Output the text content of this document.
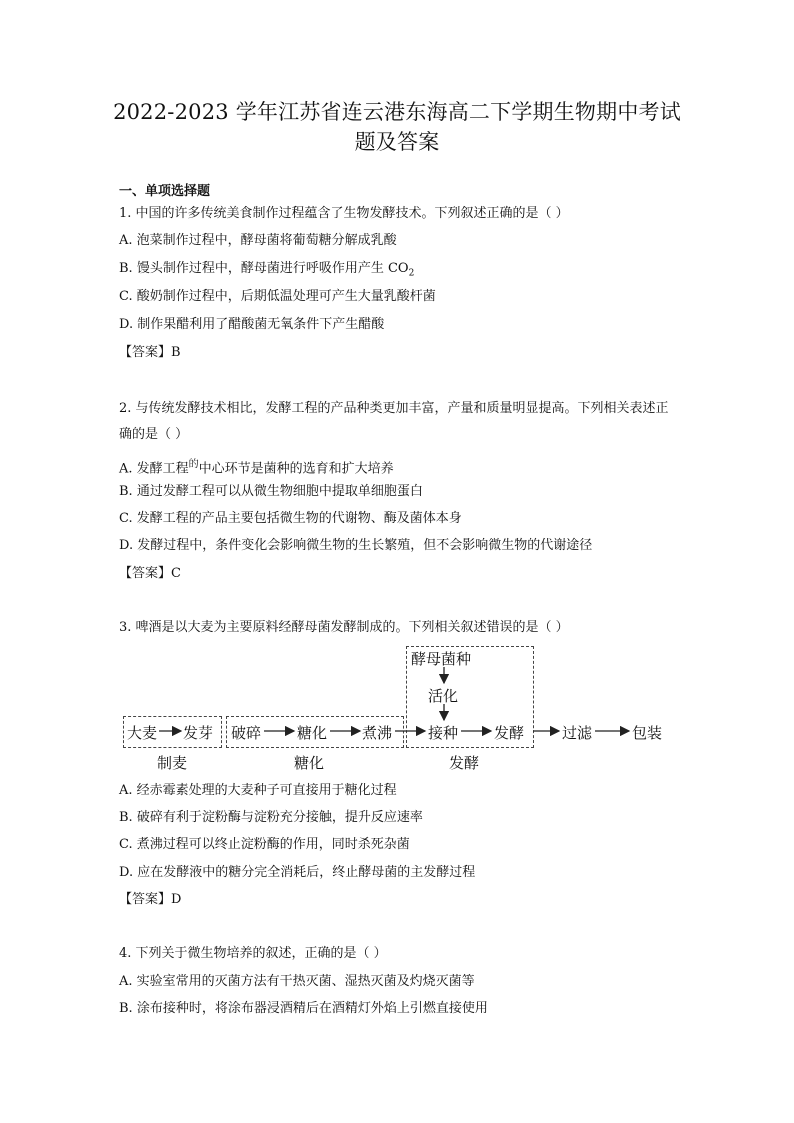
2022-2023 学年江苏省连云港东海高二下学期生物期中考试
题及答案
一、单项选择题
1. 中国的许多传统美食制作过程蕴含了生物发酵技术。下列叙述正确的是（ ）
A. 泡菜制作过程中，酵母菌将葡萄糖分解成乳酸
B. 馒头制作过程中，酵母菌进行呼吸作用产生 $CO_2$
C. 酸奶制作过程中，后期低温处理可产生大量乳酸杆菌
D. 制作果醋利用了醋酸菌无氧条件下产生醋酸
【答案】B
2. 与传统发酵技术相比，发酵工程的产品种类更加丰富，产量和质量明显提高。下列相关表述正确的是（ ）
A. 发酵工程$^的$中心环节是菌种的选育和扩大培养
B. 通过发酵工程可以从微生物细胞中提取单细胞蛋白
C. 发酵工程的产品主要包括微生物的代谢物、酶及菌体本身
D. 发酵过程中，条件变化会影响微生物的生长繁殖，但不会影响微生物的代谢途径
【答案】C
3. 啤酒是以大麦为主要原料经酵母菌发酵制成的。下列相关叙述错误的是（ ）
大麦 发芽 破碎 糖化 煮沸 接种 发酵	过滤	包装
酵母菌种
活化
制麦	糖化	发酵
A. 经赤霉素处理的大麦种子可直接用于糖化过程
B. 破碎有利于淀粉酶与淀粉充分接触，提升反应速率
C. 煮沸过程可以终止淀粉酶的作用，同时杀死杂菌
D. 应在发酵液中的糖分完全消耗后，终止酵母菌的主发酵过程
【答案】D
4. 下列关于微生物培养的叙述，正确的是（ ）
A. 实验室常用的灭菌方法有干热灭菌、湿热灭菌及灼烧灭菌等
B. 涂布接种时，将涂布器浸酒精后在酒精灯外焰上引燃直接使用
